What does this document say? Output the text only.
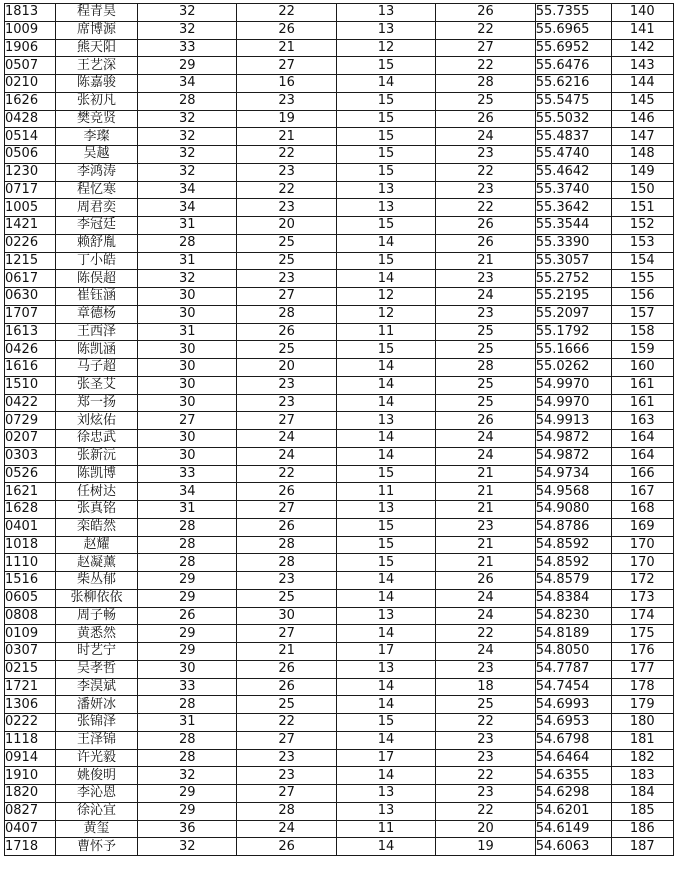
1813	程青昊	32	22	13	26	55.7355	140
1009	席博源	32	26	13	22	55.6965	141
1906	熊天阳	33	21	12	27	55.6952	142
0507	王艺深	29	27	15	22	55.6476	143
0210	陈嘉骏	34	16	14	28	55.6216	144
1626	张初凡	28	23	15	25	55.5475	145
0428	樊竞贤	32	19	15	26	55.5032	146
0514	李璨	32	21	15	24	55.4837	147
0506	吴越	32	22	15	23	55.4740	148
1230	李鸿涛	32	23	15	22	55.4642	149
0717	程忆寒	34	22	13	23	55.3740	150
1005	周君奕	34	23	13	22	55.3642	151
1421	李冠廷	31	20	15	26	55.3544	152
0226	赖舒胤	28	25	14	26	55.3390	153
1215	丁小皓	31	25	15	21	55.3057	154
0617	陈俣超	32	23	14	23	55.2752	155
0630	崔钰涵	30	27	12	24	55.2195	156
1707	章德杨	30	28	12	23	55.2097	157
1613	王西泽	31	26	11	25	55.1792	158
0426	陈凯涵	30	25	15	25	55.1666	159
1616	马子超	30	20	14	28	55.0262	160
1510	张圣艾	30	23	14	25	54.9970	161
0422	郑一扬	30	23	14	25	54.9970	161
0729	刘炫佑	27	27	13	26	54.9913	163
0207	徐忠武	30	24	14	24	54.9872	164
0303	张新沅	30	24	14	24	54.9872	164
0526	陈凯博	33	22	15	21	54.9734	166
1621	任树达	34	26	11	21	54.9568	167
1628	张真铭	31	27	13	21	54.9080	168
0401	栾皓然	28	26	15	23	54.8786	169
1018	赵耀	28	28	15	21	54.8592	170
1110	赵凝薰	28	28	15	21	54.8592	170
1516	柴丛郁	29	23	14	26	54.8579	172
0605	张柳依依	29	25	14	24	54.8384	173
0808	周子畅	26	30	13	24	54.8230	174
0109	黄悉然	29	27	14	22	54.8189	175
0307	时艺宁	29	21	17	24	54.8050	176
0215	吴孝哲	30	26	13	23	54.7787	177
1721	李淏斌	33	26	14	18	54.7454	178
1306	潘妍冰	28	25	14	25	54.6993	179
0222	张锦泽	31	22	15	22	54.6953	180
1118	王泽锦	28	27	14	23	54.6798	181
0914	许光毅	28	23	17	23	54.6464	182
1910	姚俊明	32	23	14	22	54.6355	183
1820	李沁恩	29	27	13	23	54.6298	184
0827	徐沁宜	29	28	13	22	54.6201	185
0407	黄玺	36	24	11	20	54.6149	186
1718	曹怀予	32	26	14	19	54.6063	187
